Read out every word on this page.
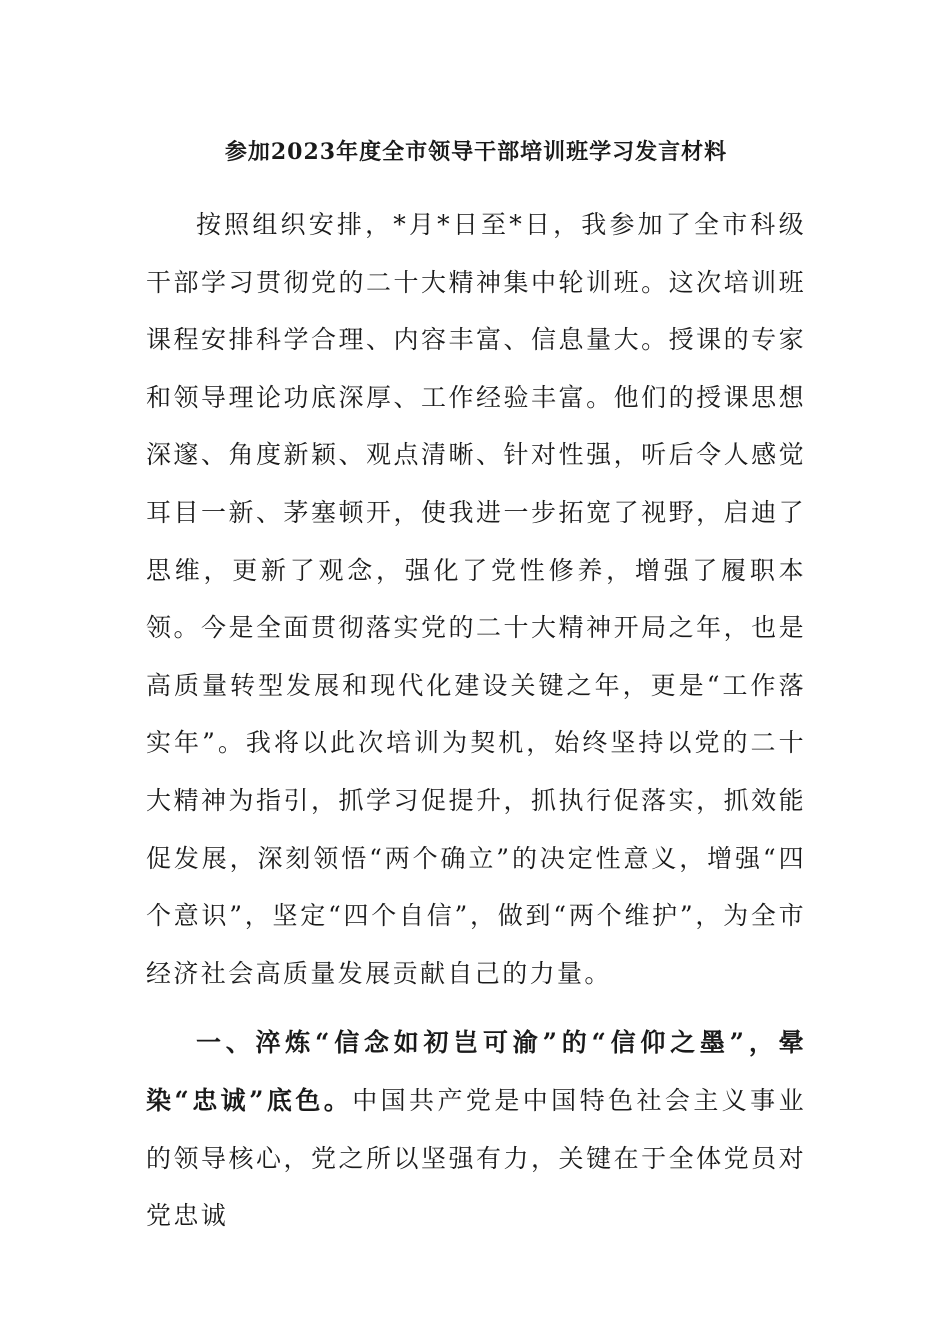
参加2023年度全市领导干部培训班学习发言材料

按照组织安排，*月*日至*日，我参加了全市科级干部学习贯彻党的二十大精神集中轮训班。这次培训班课程安排科学合理、内容丰富、信息量大。授课的专家和领导理论功底深厚、工作经验丰富。他们的授课思想深邃、角度新颖、观点清晰、针对性强，听后令人感觉耳目一新、茅塞顿开，使我进一步拓宽了视野，启迪了思维，更新了观念，强化了党性修养，增强了履职本领。今是全面贯彻落实党的二十大精神开局之年，也是高质量转型发展和现代化建设关键之年，更是“工作落实年”。我将以此次培训为契机，始终坚持以党的二十大精神为指引，抓学习促提升，抓执行促落实，抓效能促发展，深刻领悟“两个确立”的决定性意义，增强“四个意识”，坚定“四个自信”，做到“两个维护”，为全市经济社会高质量发展贡献自己的力量。

一、淬炼“信念如初岂可渝”的“信仰之墨”，晕染“忠诚”底色。中国共产党是中国特色社会主义事业的领导核心，党之所以坚强有力，关键在于全体党员对党忠诚
